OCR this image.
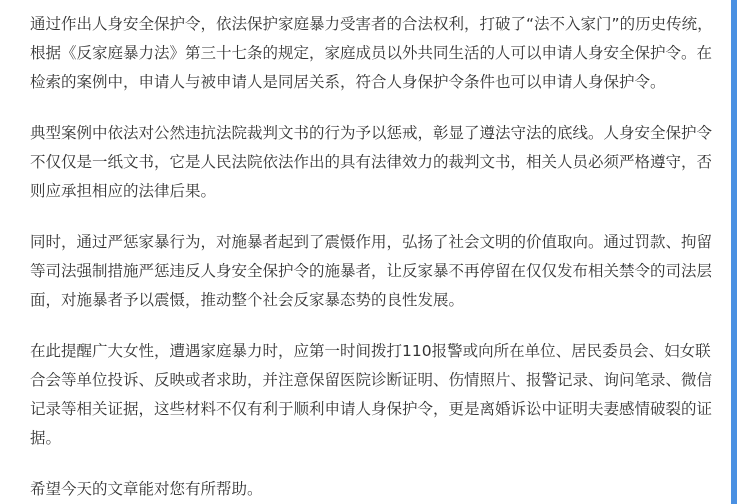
通过作出人身安全保护令，依法保护家庭暴力受害者的合法权利，打破了“法不入家门”的历史传统，根据《反家庭暴力法》第三十七条的规定，家庭成员以外共同生活的人可以申请人身安全保护令。在检索的案例中，申请人与被申请人是同居关系，符合人身保护令条件也可以申请人身保护令。

典型案例中依法对公然违抗法院裁判文书的行为予以惩戒，彰显了遵法守法的底线。人身安全保护令不仅仅是一纸文书，它是人民法院依法作出的具有法律效力的裁判文书，相关人员必须严格遵守，否则应承担相应的法律后果。

同时，通过严惩家暴行为，对施暴者起到了震慑作用，弘扬了社会文明的价值取向。通过罚款、拘留等司法强制措施严惩违反人身安全保护令的施暴者，让反家暴不再停留在仅仅发布相关禁令的司法层面，对施暴者予以震慑，推动整个社会反家暴态势的良性发展。

在此提醒广大女性，遭遇家庭暴力时，应第一时间拨打110报警或向所在单位、居民委员会、妇女联合会等单位投诉、反映或者求助，并注意保留医院诊断证明、伤情照片、报警记录、询问笔录、微信记录等相关证据，这些材料不仅有利于顺利申请人身保护令，更是离婚诉讼中证明夫妻感情破裂的证据。

希望今天的文章能对您有所帮助。
